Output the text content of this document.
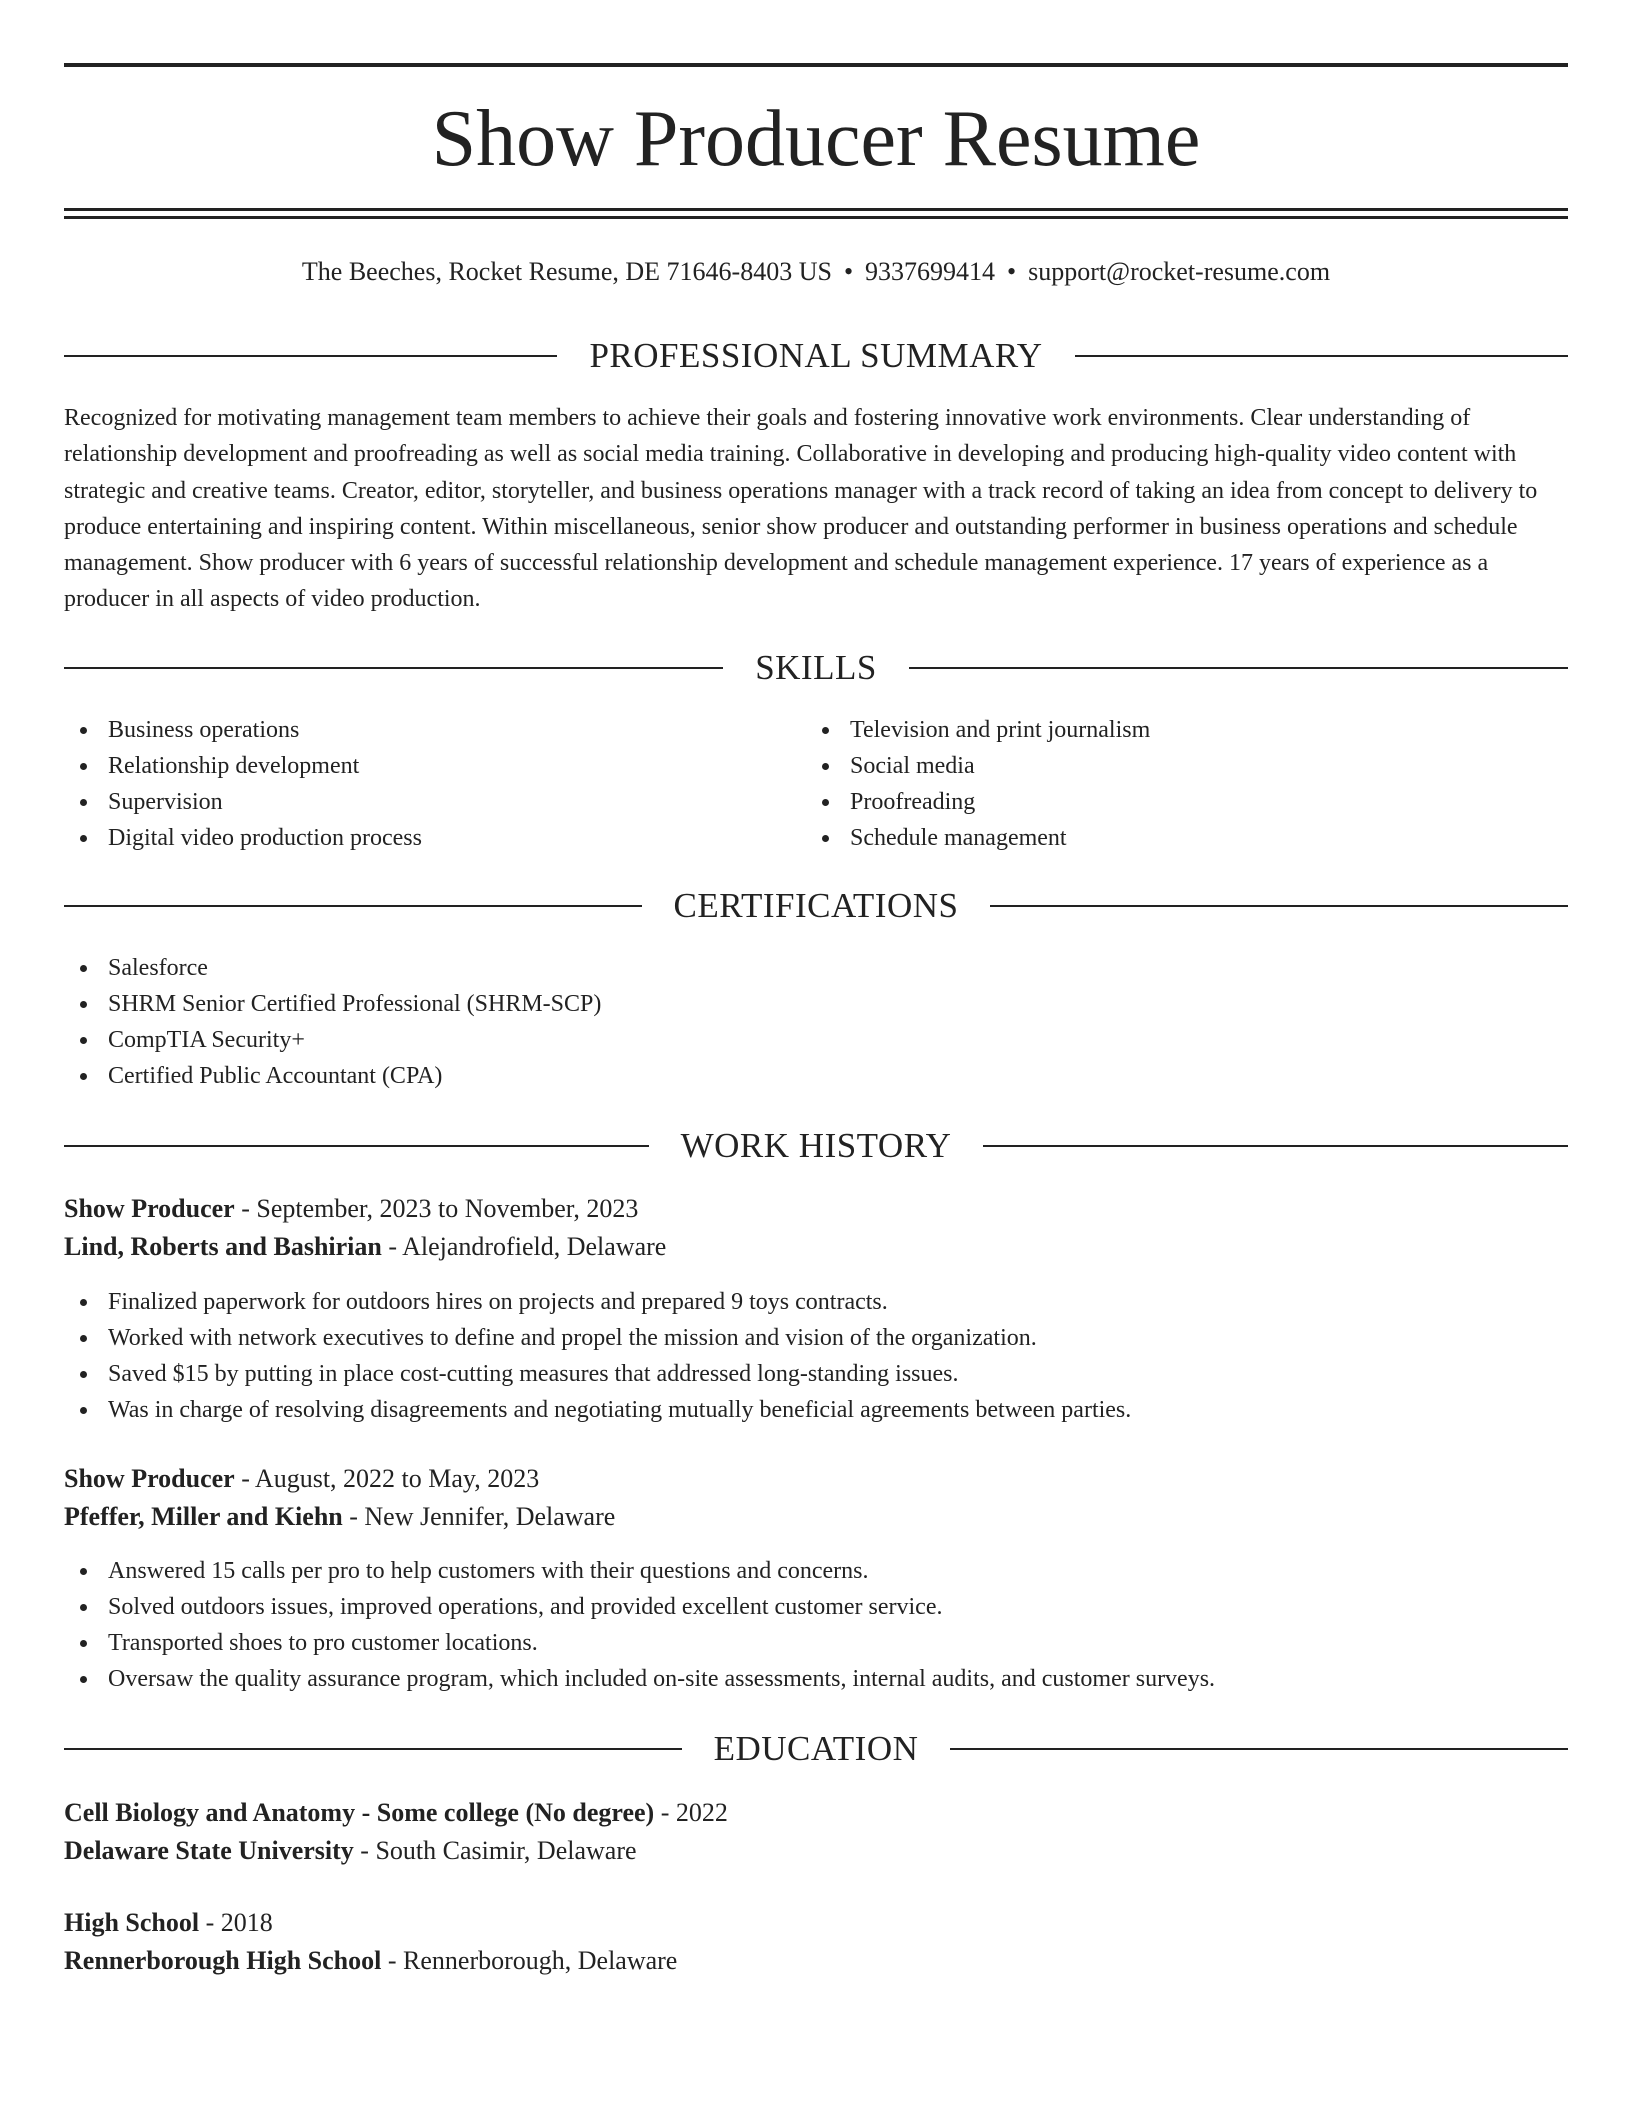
Show Producer Resume
The Beeches, Rocket Resume, DE 71646-8403 US • 9337699414 • support@rocket-resume.com
PROFESSIONAL SUMMARY

Recognized for motivating management team members to achieve their goals and fostering innovative work environments. Clear understanding of relationship development and proofreading as well as social media training. Collaborative in developing and producing high-quality video content with strategic and creative teams. Creator, editor, storyteller, and business operations manager with a track record of taking an idea from concept to delivery to produce entertaining and inspiring content. Within miscellaneous, senior show producer and outstanding performer in business operations and schedule management. Show producer with 6 years of successful relationship development and schedule management experience. 17 years of experience as a producer in all aspects of video production.

SKILLS
Business operations
Relationship development
Supervision
Digital video production process
Television and print journalism
Social media
Proofreading
Schedule management
CERTIFICATIONS
Salesforce
SHRM Senior Certified Professional (SHRM-SCP)
CompTIA Security+
Certified Public Accountant (CPA)
WORK HISTORY
Show Producer - September, 2023 to November, 2023
Lind, Roberts and Bashirian - Alejandrofield, Delaware
Finalized paperwork for outdoors hires on projects and prepared 9 toys contracts.
Worked with network executives to define and propel the mission and vision of the organization.
Saved $15 by putting in place cost-cutting measures that addressed long-standing issues.
Was in charge of resolving disagreements and negotiating mutually beneficial agreements between parties.
Show Producer - August, 2022 to May, 2023
Pfeffer, Miller and Kiehn - New Jennifer, Delaware
Answered 15 calls per pro to help customers with their questions and concerns.
Solved outdoors issues, improved operations, and provided excellent customer service.
Transported shoes to pro customer locations.
Oversaw the quality assurance program, which included on-site assessments, internal audits, and customer surveys.
EDUCATION
Cell Biology and Anatomy - Some college (No degree) - 2022
Delaware State University - South Casimir, Delaware
High School - 2018
Rennerborough High School - Rennerborough, Delaware
